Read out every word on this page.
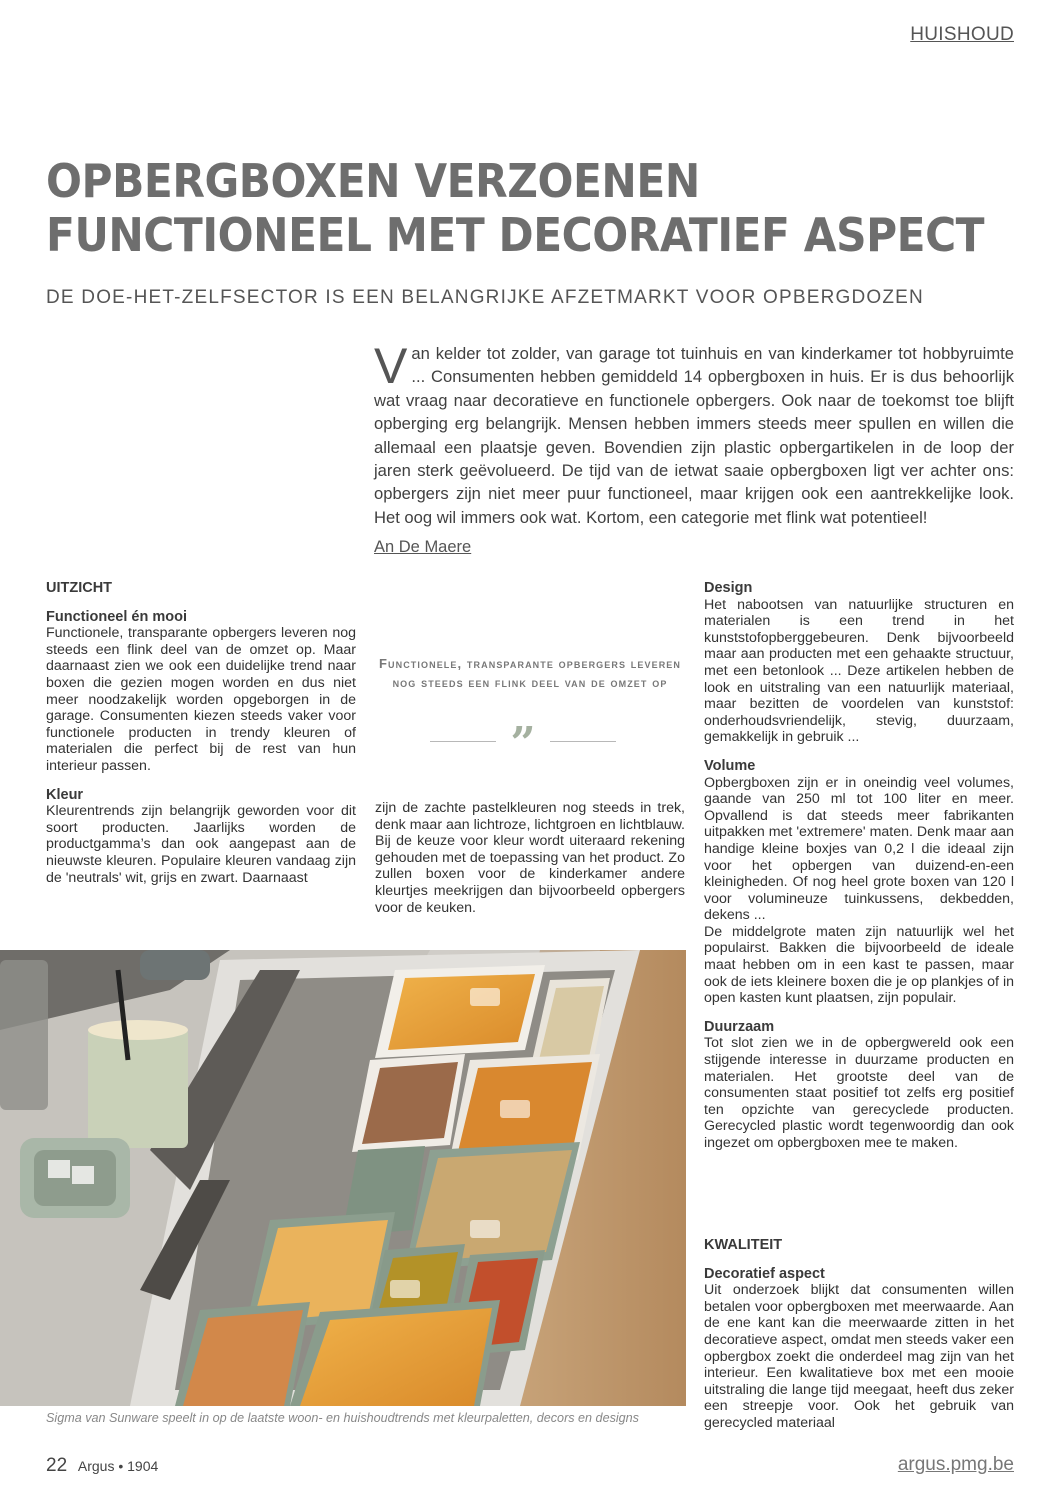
HUISHOUD
OPBERGBOXEN VERZOENEN
FUNCTIONEEL MET DECORATIEF ASPECT
DE DOE-HET-ZELFSECTOR IS EEN BELANGRIJKE AFZETMARKT VOOR OPBERGDOZEN
V an kelder tot zolder, van garage tot tuinhuis en van kinderkamer tot hobbyruimte ... Consumenten hebben gemiddeld 14 opbergboxen in huis. Er is dus behoorlijk wat vraag naar decoratieve en functionele opbergers. Ook naar de toekomst toe blijft opberging erg belangrijk. Mensen hebben immers steeds meer spullen en willen die allemaal een plaatsje geven. Bovendien zijn plastic opbergartikelen in de loop der jaren sterk geëvolueerd. De tijd van de ietwat saaie opbergboxen ligt ver achter ons: opbergers zijn niet meer puur functioneel, maar krijgen ook een aantrekkelijke look. Het oog wil immers ook wat. Kortom, een categorie met flink wat potentieel!
An De Maere
UITZICHT
Functioneel én mooi

Functionele, transparante opbergers leveren nog steeds een flink deel van de omzet op. Maar daarnaast zien we ook een duidelijke trend naar boxen die gezien mogen worden en dus niet meer noodzakelijk worden opgeborgen in de garage. Consumenten kiezen steeds vaker voor functionele producten in trendy kleuren of materialen die perfect bij de rest van hun interieur passen.

Kleur

Kleurentrends zijn belangrijk geworden voor dit soort producten. Jaarlijks worden de productgamma’s dan ook aangepast aan de nieuwste kleuren. Populaire kleuren vandaag zijn de 'neutrals' wit, grijs en zwart. Daarnaast

Functionele, transparante opbergers leveren nog steeds een flink deel van de omzet op
”

zijn de zachte pastelkleuren nog steeds in trek, denk maar aan lichtroze, lichtgroen en lichtblauw. Bij de keuze voor kleur wordt uiteraard rekening gehouden met de toepassing van het product. Zo zullen boxen voor de kinderkamer andere kleurtjes meekrijgen dan bijvoorbeeld opbergers voor de keuken.

Design

Het nabootsen van natuurlijke structuren en materialen is een trend in het kunststofopberggebeuren. Denk bijvoorbeeld maar aan producten met een gehaakte structuur, met een betonlook ... Deze artikelen hebben de look en uitstraling van een natuurlijk materiaal, maar bezitten de voordelen van kunststof: onderhoudsvriendelijk, stevig, duurzaam, gemakkelijk in gebruik ...

Volume

Opbergboxen zijn er in oneindig veel volumes, gaande van 250 ml tot 100 liter en meer. Opvallend is dat steeds meer fabrikanten uitpakken met 'extremere' maten. Denk maar aan handige kleine boxjes van 0,2 l die ideaal zijn voor het opbergen van duizend-en-een kleinigheden. Of nog heel grote boxen van 120 l voor volumineuze tuinkussens, dekbedden, dekens ...

De middelgrote maten zijn natuurlijk wel het populairst. Bakken die bijvoorbeeld de ideale maat hebben om in een kast te passen, maar ook de iets kleinere boxen die je op plankjes of in open kasten kunt plaatsen, zijn populair.

Duurzaam

Tot slot zien we in de opbergwereld ook een stijgende interesse in duurzame producten en materialen. Het grootste deel van de consumenten staat positief tot zelfs erg positief ten opzichte van gerecyclede producten. Gerecycled plastic wordt tegenwoordig dan ook ingezet om opbergboxen mee te maken.

KWALITEIT
Decoratief aspect

Uit onderzoek blijkt dat consumenten willen betalen voor opbergboxen met meerwaarde. Aan de ene kant kan die meerwaarde zitten in het decoratieve aspect, omdat men steeds vaker een opbergbox zoekt die onderdeel mag zijn van het interieur. Een kwalitatieve box met een mooie uitstraling die lange tijd meegaat, heeft dus zeker een streepje voor. Ook het gebruik van gerecycled materiaal

Sigma van Sunware speelt in op de laatste woon- en huishoudtrends met kleurpaletten, decors en designs
22 Argus • 1904	argus.pmg.be
